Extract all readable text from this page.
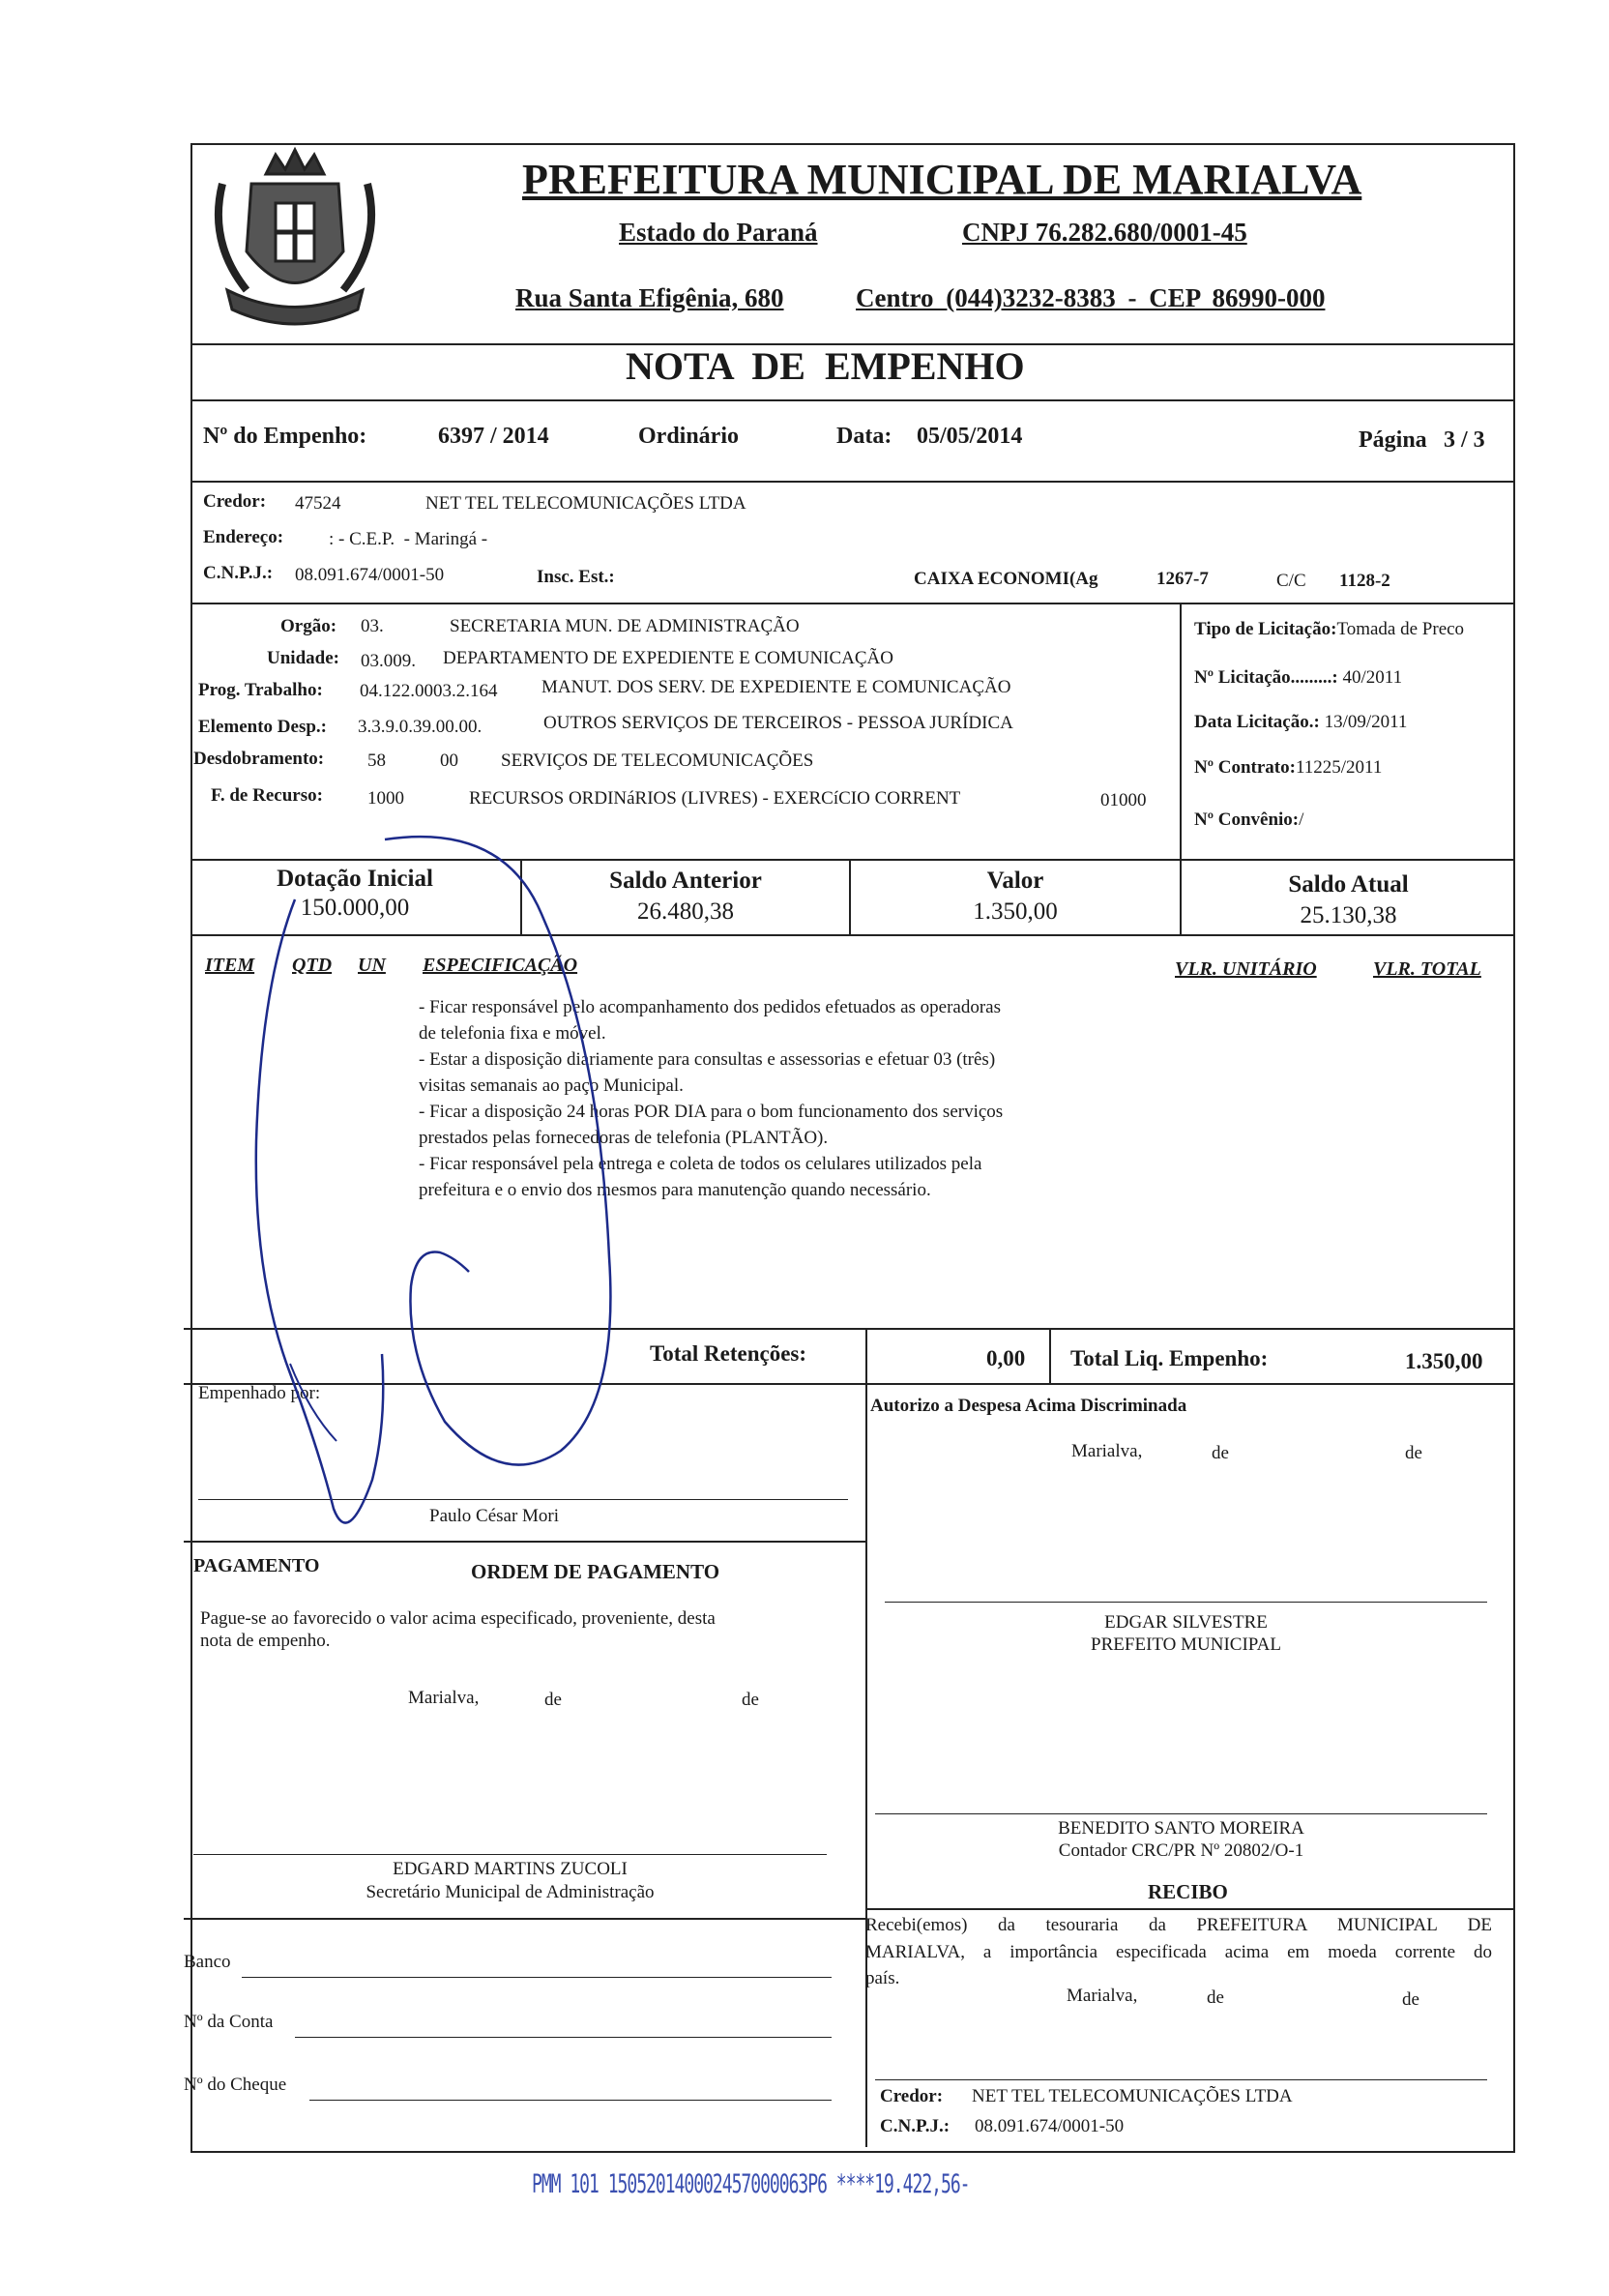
PREFEITURA MUNICIPAL DE MARIALVA
Estado do Paraná	CNPJ 76.282.680/0001-45
Rua Santa Efigênia, 680	Centro (044)3232-8383 - CEP 86990-000
NOTA DE EMPENHO
Nº do Empenho:	6397 / 2014	Ordinário	Data: 05/05/2014	Página 3 / 3
Credor: 47524	NET TEL TELECOMUNICAÇÕES LTDA
Endereço: : - C.E.P.  - Maringá -
C.N.P.J.: 08.091.674/0001-50	Insc. Est.:	CAIXA ECONOMI(Ag	1267-7	C/C 1128-2
Orgão: 03.	SECRETARIA MUN. DE ADMINISTRAÇÃO
Unidade: 03.009. DEPARTAMENTO DE EXPEDIENTE E COMUNICAÇÃO
Prog. Trabalho: 04.122.0003.2.164 MANUT. DOS SERV. DE EXPEDIENTE E COMUNICAÇÃO
Elemento Desp.: 3.3.9.0.39.00.00.	OUTROS SERVIÇOS DE TERCEIROS - PESSOA JURÍDICA
Desdobramento: 58	00 SERVIÇOS DE TELECOMUNICAÇÕES
F. de Recurso: 1000	RECURSOS ORDINáRIOS (LIVRES) - EXERCíCIO CORRENT	01000
Tipo de Licitação:Tomada de Preco
Nº Licitação.........: 40/2011
Data Licitação.: 13/09/2011
Nº Contrato:11225/2011
Nº Convênio:/
Dotação Inicial
150.000,00
Saldo Anterior
26.480,38
Valor
1.350,00
Saldo Atual
25.130,38
ITEM QTD UN ESPECIFICAÇÃO	VLR. UNITÁRIO	VLR. TOTAL
- Ficar responsável pelo acompanhamento dos pedidos efetuados as operadoras
de telefonia fixa e móvel.
- Estar a disposição diariamente para consultas e assessorias e efetuar 03 (três)
visitas semanais ao paço Municipal.
- Ficar a disposição 24 horas POR DIA para o bom funcionamento dos serviços
prestados pelas fornecedoras de telefonia (PLANTÃO).
- Ficar responsável pela entrega e coleta de todos os celulares utilizados pela
prefeitura e o envio dos mesmos para manutenção quando necessário.
Total Retenções:	0,00 Total Liq. Empenho:	1.350,00
Empenhado por:
Paulo César Mori
Autorizo a Despesa Acima Discriminada
Marialva,	de	de
PAGAMENTO	ORDEM DE PAGAMENTO
Pague-se ao favorecido o valor acima especificado, proveniente, desta
nota de empenho.
Marialva,	de	de
EDGAR SILVESTRE
PREFEITO MUNICIPAL
BENEDITO SANTO MOREIRA
Contador CRC/PR Nº 20802/O-1
EDGARD MARTINS ZUCOLI
Secretário Municipal de Administração
Banco
Nº da Conta
Nº do Cheque
RECIBO
Recebi(emos) da tesouraria da PREFEITURA MUNICIPAL DE
MARIALVA, a importância especificada acima em moeda corrente do
país.
Marialva,	de	de
Credor: NET TEL TELECOMUNICAÇÕES LTDA
C.N.P.J.: 08.091.674/0001-50
PMM 101 150520140002457000063P6 ****19.422,56-
